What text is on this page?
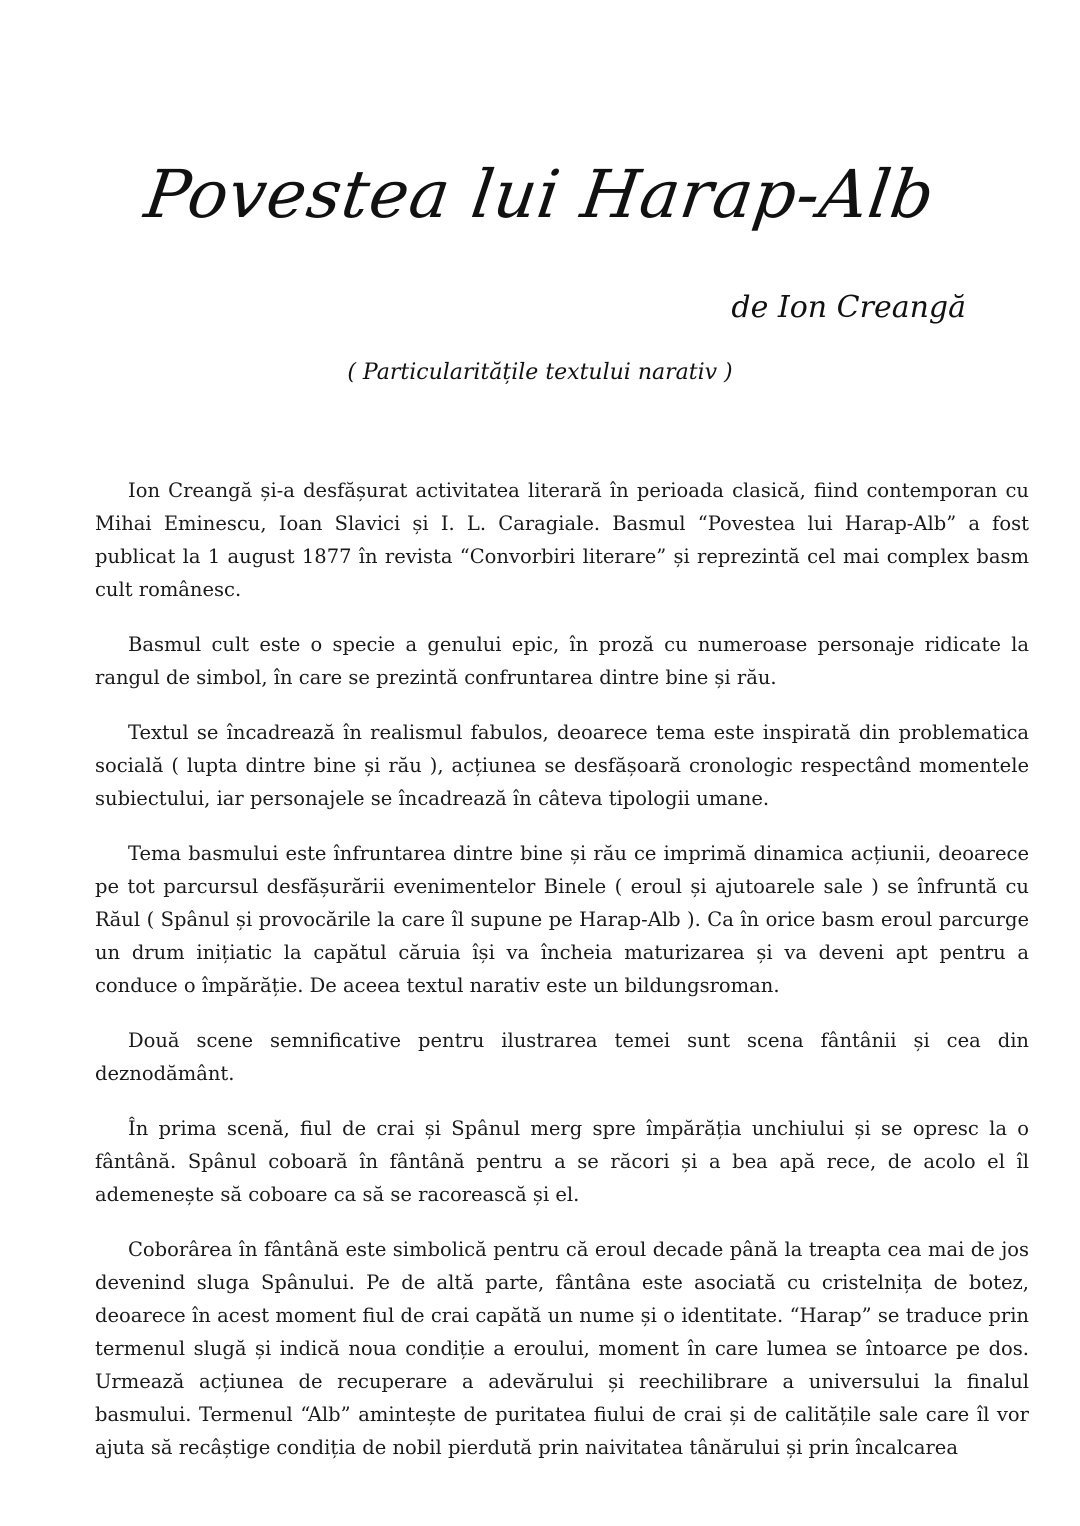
Povestea lui Harap-Alb
de Ion Creangă
( Particularitățile textului narativ )

Ion Creangă și-a desfășurat activitatea literară în perioada clasică, fiind contemporan cu Mihai Eminescu, Ioan Slavici și I. L. Caragiale. Basmul “Povestea lui Harap-Alb” a fost publicat la 1 august 1877 în revista “Convorbiri literare” și reprezintă cel mai complex basm cult românesc.

Basmul cult este o specie a genului epic, în proză cu numeroase personaje ridicate la rangul de simbol, în care se prezintă confruntarea dintre bine și rău.

Textul se încadrează în realismul fabulos, deoarece tema este inspirată din problematica socială ( lupta dintre bine și rău ), acțiunea se desfășoară cronologic respectând momentele subiectului, iar personajele se încadrează în câteva tipologii umane.

Tema basmului este înfruntarea dintre bine și rău ce imprimă dinamica acțiunii, deoarece pe tot parcursul desfășurării evenimentelor Binele ( eroul și ajutoarele sale ) se înfruntă cu Răul ( Spânul și provocările la care îl supune pe Harap-Alb ). Ca în orice basm eroul parcurge un drum inițiatic la capătul căruia își va încheia maturizarea și va deveni apt pentru a conduce o împărăție. De aceea textul narativ este un bildungsroman.

Două scene semnificative pentru ilustrarea temei sunt scena fântânii și cea din deznodământ.

În prima scenă, fiul de crai și Spânul merg spre împărăția unchiului și se opresc la o fântână. Spânul coboară în fântână pentru a se răcori și a bea apă rece, de acolo el îl ademenește să coboare ca să se racorească și el.

Coborârea în fântână este simbolică pentru că eroul decade până la treapta cea mai de jos devenind sluga Spânului. Pe de altă parte, fântâna este asociată cu cristelnița de botez, deoarece în acest moment fiul de crai capătă un nume și o identitate. “Harap” se traduce prin termenul slugă și indică noua condiție a eroului, moment în care lumea se întoarce pe dos. Urmează acțiunea de recuperare a adevărului și reechilibrare a universului la finalul basmului. Termenul “Alb” amintește de puritatea fiului de crai și de calitățile sale care îl vor ajuta să recâștige condiția de nobil pierdută prin naivitatea tânărului și prin încalcarea
